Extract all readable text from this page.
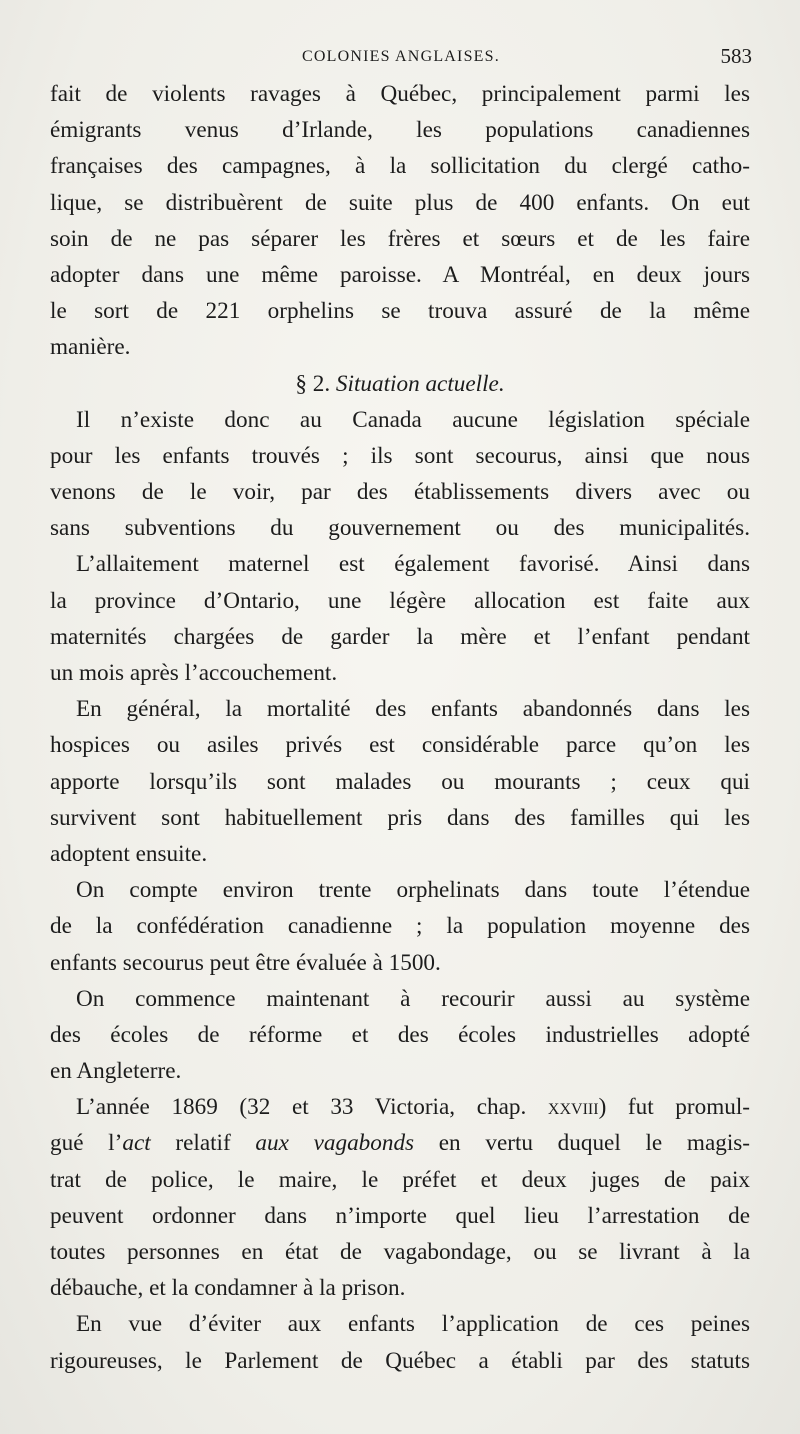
COLONIES ANGLAISES.	583
fait de violents ravages à Québec, principalement parmi les
émigrants venus d’Irlande, les populations canadiennes
françaises des campagnes, à la sollicitation du clergé catho-
lique, se distribuèrent de suite plus de 400 enfants. On eut
soin de ne pas séparer les frères et sœurs et de les faire
adopter dans une même paroisse. A Montréal, en deux jours
le sort de 221 orphelins se trouva assuré de la même
manière.
§ 2. Situation actuelle.
Il n’existe donc au Canada aucune législation spéciale
pour les enfants trouvés ; ils sont secourus, ainsi que nous
venons de le voir, par des établissements divers avec ou
sans subventions du gouvernement ou des municipalités.
L’allaitement maternel est également favorisé. Ainsi dans
la province d’Ontario, une légère allocation est faite aux
maternités chargées de garder la mère et l’enfant pendant
un mois après l’accouchement.
En général, la mortalité des enfants abandonnés dans les
hospices ou asiles privés est considérable parce qu’on les
apporte lorsqu’ils sont malades ou mourants ; ceux qui
survivent sont habituellement pris dans des familles qui les
adoptent ensuite.
On compte environ trente orphelinats dans toute l’étendue
de la confédération canadienne ; la population moyenne des
enfants secourus peut être évaluée à 1500.
On commence maintenant à recourir aussi au système
des écoles de réforme et des écoles industrielles adopté
en Angleterre.
L’année 1869 (32 et 33 Victoria, chap. xxviii) fut promul-
gué l’act relatif aux vagabonds en vertu duquel le magis-
trat de police, le maire, le préfet et deux juges de paix
peuvent ordonner dans n’importe quel lieu l’arrestation de
toutes personnes en état de vagabondage, ou se livrant à la
débauche, et la condamner à la prison.
En vue d’éviter aux enfants l’application de ces peines
rigoureuses, le Parlement de Québec a établi par des statuts
